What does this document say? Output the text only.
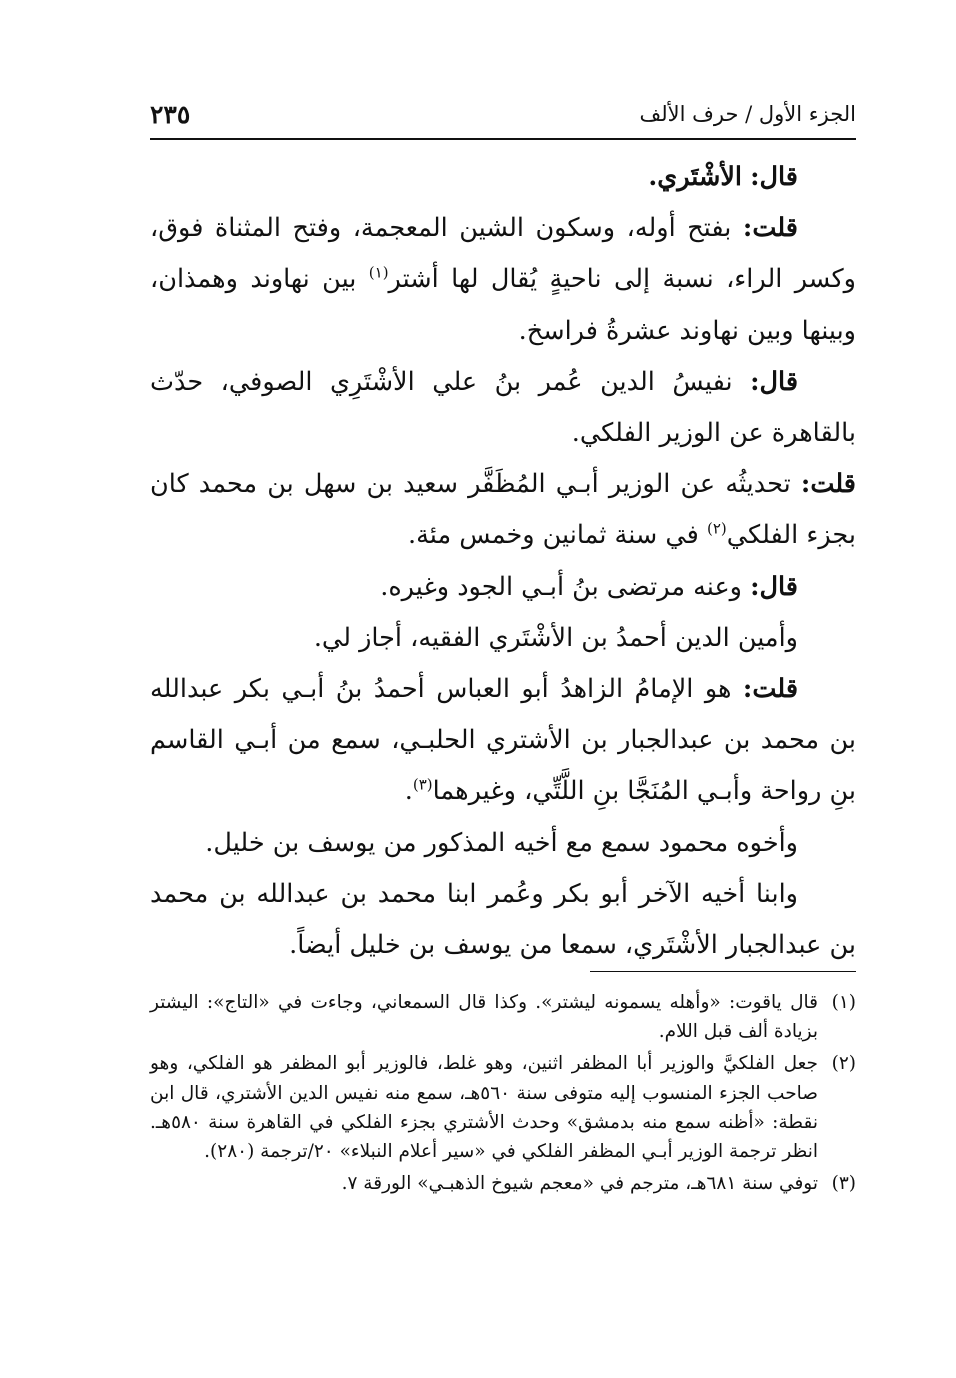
الجزء الأول / حرف الألف
٢٣٥

قال: الأشْتَري.

قلت: بفتح أوله، وسكون الشين المعجمة، وفتح المثناة فوق، وكسر الراء، نسبة إلى ناحيةٍ يُقال لها أشتر$^{(١)}$ بين نهاوند وهمذان، وبينها وبين نهاوند عشرةُ فراسخ.

قال: نفيسُ الدين عُمر بنُ علي الأشْتَرِي الصوفي، حدّث بالقاهرة عن الوزير الفلكي.

قلت: تحديثُه عن الوزير أبـي المُظَفَّر سعيد بن سهل بن محمد كان بجزء الفلكي$^{(٢)}$ في سنة ثمانين وخمس مئة.

قال: وعنه مرتضى بنُ أبـي الجود وغيره.

وأمين الدين أحمدُ بن الأشْتَري الفقيه، أجاز لي.

قلت: هو الإمامُ الزاهدُ أبو العباس أحمدُ بنُ أبـي بكر عبدالله بن محمد بن عبدالجبار بن الأشتري الحلبـي، سمع من أبـي القاسم بنِ رواحة وأبـي المُنَجَّا بنِ اللَّتِّي، وغيرهما$^{(٣)}$.

وأخوه محمود سمع مع أخيه المذكور من يوسف بن خليل.

وابنا أخيه الآخر أبو بكر وعُمر ابنا محمد بن عبدالله بن محمد بن عبدالجبار الأشْتَري، سمعا من يوسف بن خليل أيضاً.

(١)
قال ياقوت: «وأهله يسمونه ليشتر». وكذا قال السمعاني، وجاءت في «التاج»: اليشتر بزيادة ألف قبل اللام.
(٢)
جعل الفلكيَّ والوزير أبا المظفر اثنين، وهو غلط، فالوزير أبو المظفر هو الفلكي، وهو صاحب الجزء المنسوب إليه متوفى سنة ٥٦٠هـ، سمع منه نفيس الدين الأشتري، قال ابن نقطة: «أظنه سمع منه بدمشق» وحدث الأشتري بجزء الفلكي في القاهرة سنة ٥٨٠هـ. انظر ترجمة الوزير أبـي المظفر الفلكي في «سير أعلام النبلاء» ٢٠/ترجمة (٢٨٠).
(٣)
توفي سنة ٦٨١هـ، مترجم في «معجم شيوخ الذهبـي» الورقة ٧.
